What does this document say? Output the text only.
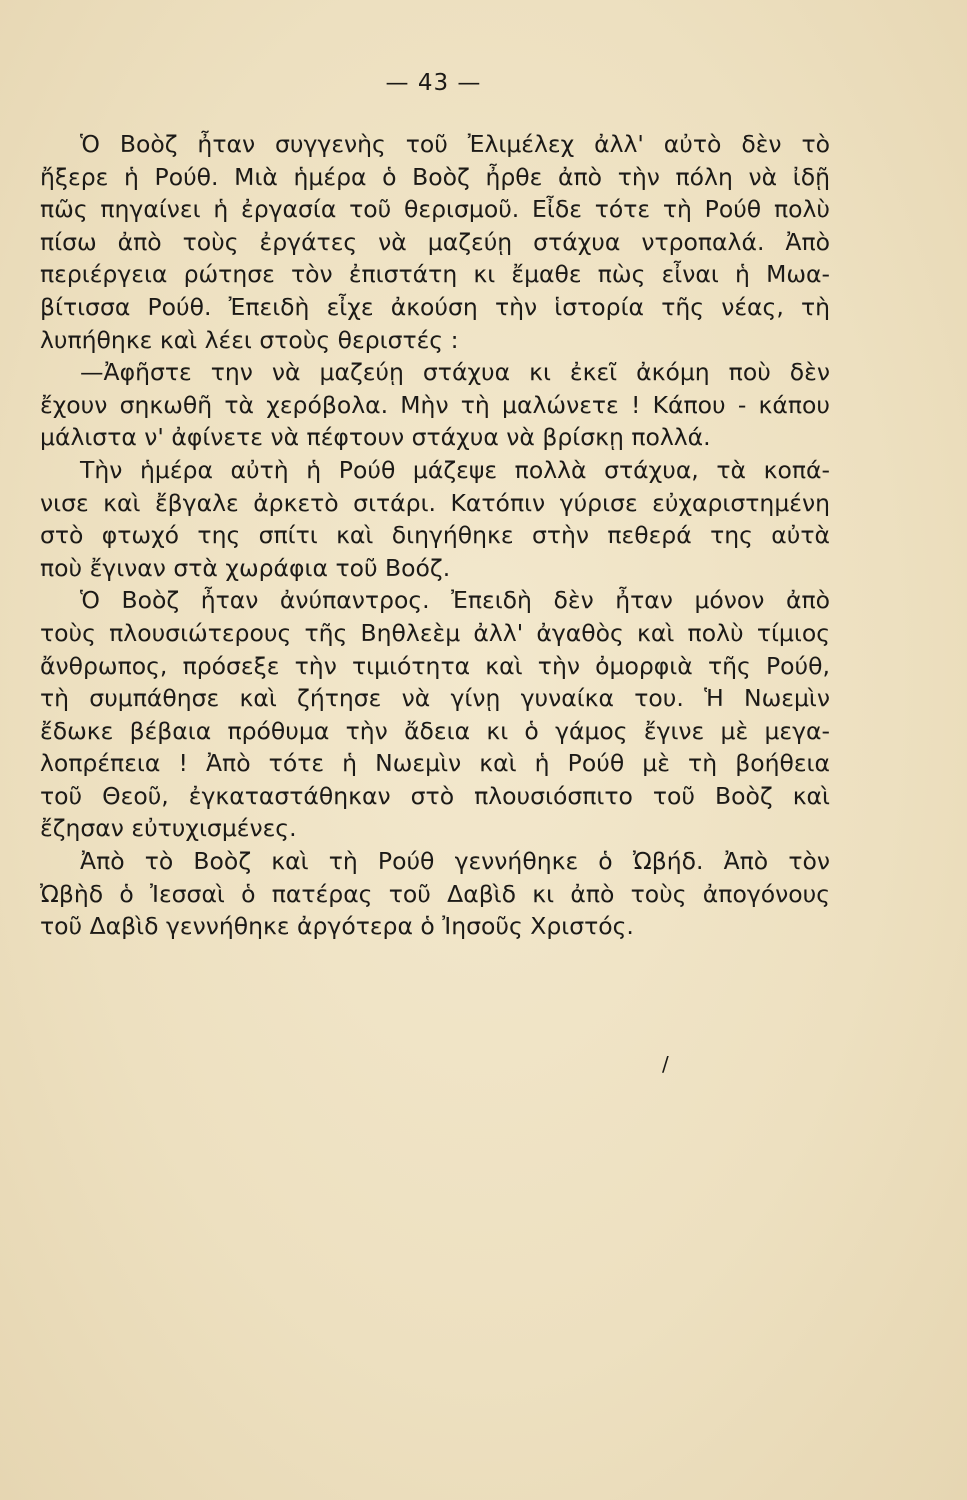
— 43 —
Ὁ Βοὸζ ἦταν συγγενὴς τοῦ Ἐλιμέλεχ ἀλλ' αὐτὸ δὲν τὸ
ἤξερε ἡ Ρούθ. Μιὰ ἡμέρα ὁ Βοὸζ ἦρθε ἀπὸ τὴν πόλη νὰ ἰδῇ
πῶς πηγαίνει ἡ ἐργασία τοῦ θερισμοῦ. Εἶδε τότε τὴ Ρούθ πολὺ
πίσω ἀπὸ τοὺς ἐργάτες νὰ μαζεύῃ στάχυα ντροπαλά. Ἀπὸ
περιέργεια ρώτησε τὸν ἐπιστάτη κι ἔμαθε πὼς εἶναι ἡ Μωα-
βίτισσα Ρούθ. Ἐπειδὴ εἶχε ἀκούση τὴν ἱστορία τῆς νέας, τὴ
λυπήθηκε καὶ λέει στοὺς θεριστές :
—Ἀφῆστε την νὰ μαζεύῃ στάχυα κι ἐκεῖ ἀκόμη ποὺ δὲν
ἔχουν σηκωθῆ τὰ χερόβολα. Μὴν τὴ μαλώνετε ! Κάπου - κάπου
μάλιστα ν' ἀφίνετε νὰ πέφτουν στάχυα νὰ βρίσκῃ πολλά.
Τὴν ἡμέρα αὐτὴ ἡ Ρούθ μάζεψε πολλὰ στάχυα, τὰ κοπά-
νισε καὶ ἔβγαλε ἀρκετὸ σιτάρι. Κατόπιν γύρισε εὐχαριστημένη
στὸ φτωχό της σπίτι καὶ διηγήθηκε στὴν πεθερά της αὐτὰ
ποὺ ἔγιναν στὰ χωράφια τοῦ Βοόζ.
Ὁ Βοὸζ ἦταν ἀνύπαντρος. Ἐπειδὴ δὲν ἦταν μόνον ἀπὸ
τοὺς πλουσιώτερους τῆς Βηθλεὲμ ἀλλ' ἀγαθὸς καὶ πολὺ τίμιος
ἄνθρωπος, πρόσεξε τὴν τιμιότητα καὶ τὴν ὀμορφιὰ τῆς Ρούθ,
τὴ συμπάθησε καὶ ζήτησε νὰ γίνῃ γυναίκα του. Ἡ Νωεμὶν
ἔδωκε βέβαια πρόθυμα τὴν ἄδεια κι ὁ γάμος ἔγινε μὲ μεγα-
λοπρέπεια ! Ἀπὸ τότε ἡ Νωεμὶν καὶ ἡ Ρούθ μὲ τὴ βοήθεια
τοῦ Θεοῦ, ἐγκαταστάθηκαν στὸ πλουσιόσπιτο τοῦ Βοὸζ καὶ
ἔζησαν εὐτυχισμένες.
Ἀπὸ τὸ Βοὸζ καὶ τὴ Ρούθ γεννήθηκε ὁ Ὠβήδ. Ἀπὸ τὸν
Ὠβὴδ ὁ Ἰεσσαὶ ὁ πατέρας τοῦ Δαβὶδ κι ἀπὸ τοὺς ἀπογόνους
τοῦ Δαβὶδ γεννήθηκε ἀργότερα ὁ Ἰησοῦς Χριστός.
/
